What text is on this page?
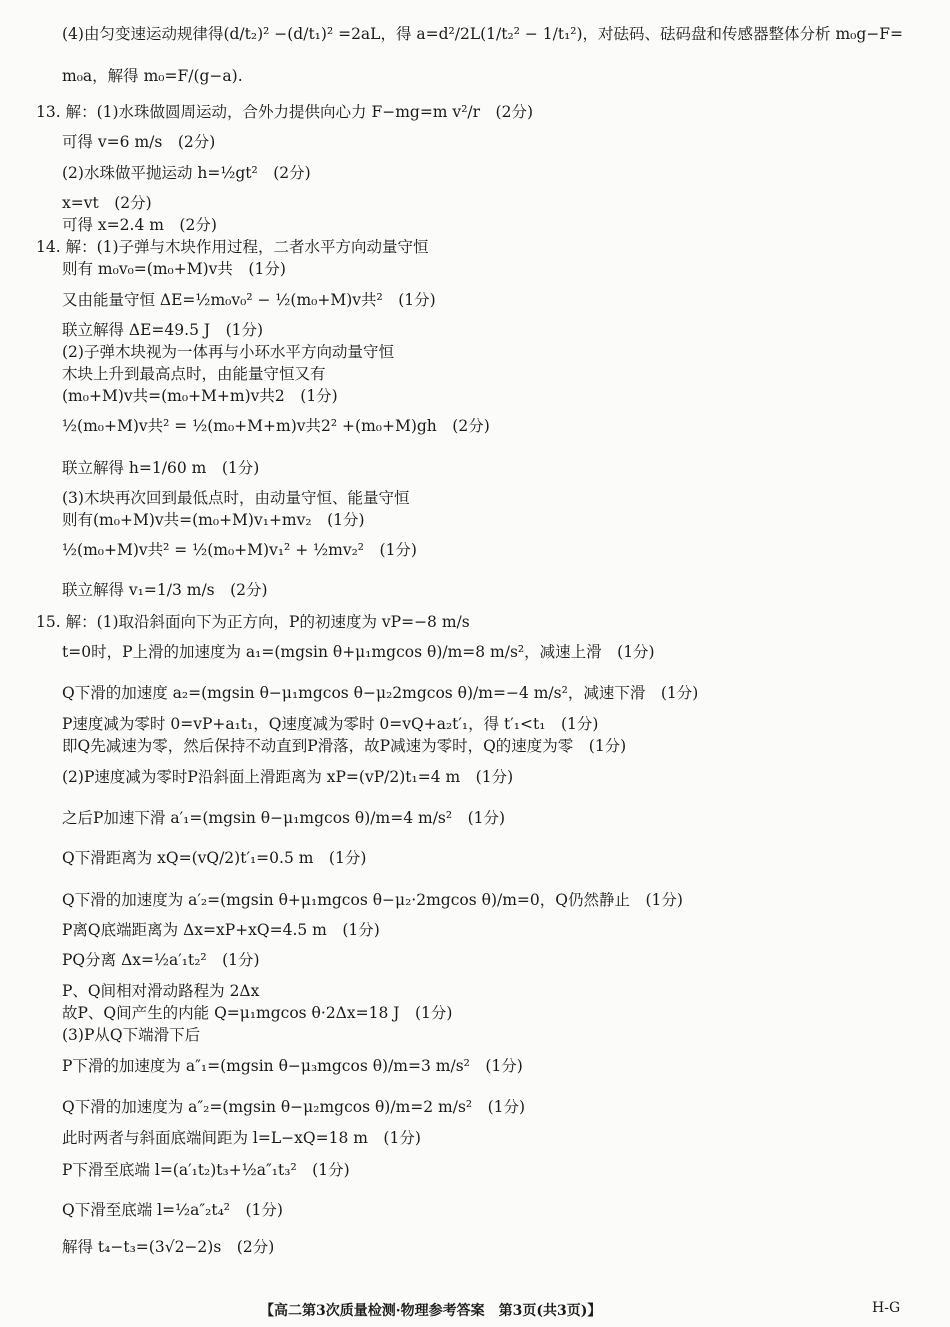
(4)由匀变速运动规律得(d/t₂)² −(d/t₁)² =2aL，得 a=d²/2L(1/t₂² − 1/t₁²)，对砝码、砝码盘和传感器整体分析 m₀g−F=
m₀a，解得 m₀=F/(g−a).
13. 解：(1)水珠做圆周运动，合外力提供向心力 F−mg=m v²/r　(2分)
可得 v=6 m/s　(2分)
(2)水珠做平抛运动 h=½gt²　(2分)
x=vt　(2分)
可得 x=2.4 m　(2分)
14. 解：(1)子弹与木块作用过程，二者水平方向动量守恒
则有 m₀v₀=(m₀+M)v共　(1分)
又由能量守恒 ΔE=½m₀v₀² − ½(m₀+M)v共²　(1分)
联立解得 ΔE=49.5 J　(1分)
(2)子弹木块视为一体再与小环水平方向动量守恒
木块上升到最高点时，由能量守恒又有
(m₀+M)v共=(m₀+M+m)v共2　(1分)
½(m₀+M)v共² = ½(m₀+M+m)v共2² +(m₀+M)gh　(2分)
联立解得 h=1/60 m　(1分)
(3)木块再次回到最低点时，由动量守恒、能量守恒
则有(m₀+M)v共=(m₀+M)v₁+mv₂　(1分)
½(m₀+M)v共² = ½(m₀+M)v₁² + ½mv₂²　(1分)
联立解得 v₁=1/3 m/s　(2分)
15. 解：(1)取沿斜面向下为正方向，P的初速度为 vP=−8 m/s
t=0时，P上滑的加速度为 a₁=(mgsin θ+μ₁mgcos θ)/m=8 m/s²，减速上滑　(1分)
Q下滑的加速度 a₂=(mgsin θ−μ₁mgcos θ−μ₂2mgcos θ)/m=−4 m/s²，减速下滑　(1分)
P速度减为零时 0=vP+a₁t₁，Q速度减为零时 0=vQ+a₂t′₁，得 t′₁<t₁　(1分)
即Q先减速为零，然后保持不动直到P滑落，故P减速为零时，Q的速度为零　(1分)
(2)P速度减为零时P沿斜面上滑距离为 xP=(vP/2)t₁=4 m　(1分)
之后P加速下滑 a′₁=(mgsin θ−μ₁mgcos θ)/m=4 m/s²　(1分)
Q下滑距离为 xQ=(vQ/2)t′₁=0.5 m　(1分)
Q下滑的加速度为 a′₂=(mgsin θ+μ₁mgcos θ−μ₂·2mgcos θ)/m=0，Q仍然静止　(1分)
P离Q底端距离为 Δx=xP+xQ=4.5 m　(1分)
PQ分离 Δx=½a′₁t₂²　(1分)
P、Q间相对滑动路程为 2Δx
故P、Q间产生的内能 Q=μ₁mgcos θ·2Δx=18 J　(1分)
(3)P从Q下端滑下后
P下滑的加速度为 a″₁=(mgsin θ−μ₃mgcos θ)/m=3 m/s²　(1分)
Q下滑的加速度为 a″₂=(mgsin θ−μ₂mgcos θ)/m=2 m/s²　(1分)
此时两者与斜面底端间距为 l=L−xQ=18 m　(1分)
P下滑至底端 l=(a′₁t₂)t₃+½a″₁t₃²　(1分)
Q下滑至底端 l=½a″₂t₄²　(1分)
解得 t₄−t₃=(3√2−2)s　(2分)
【高二第3次质量检测·物理参考答案　第3页(共3页)】	H-G
